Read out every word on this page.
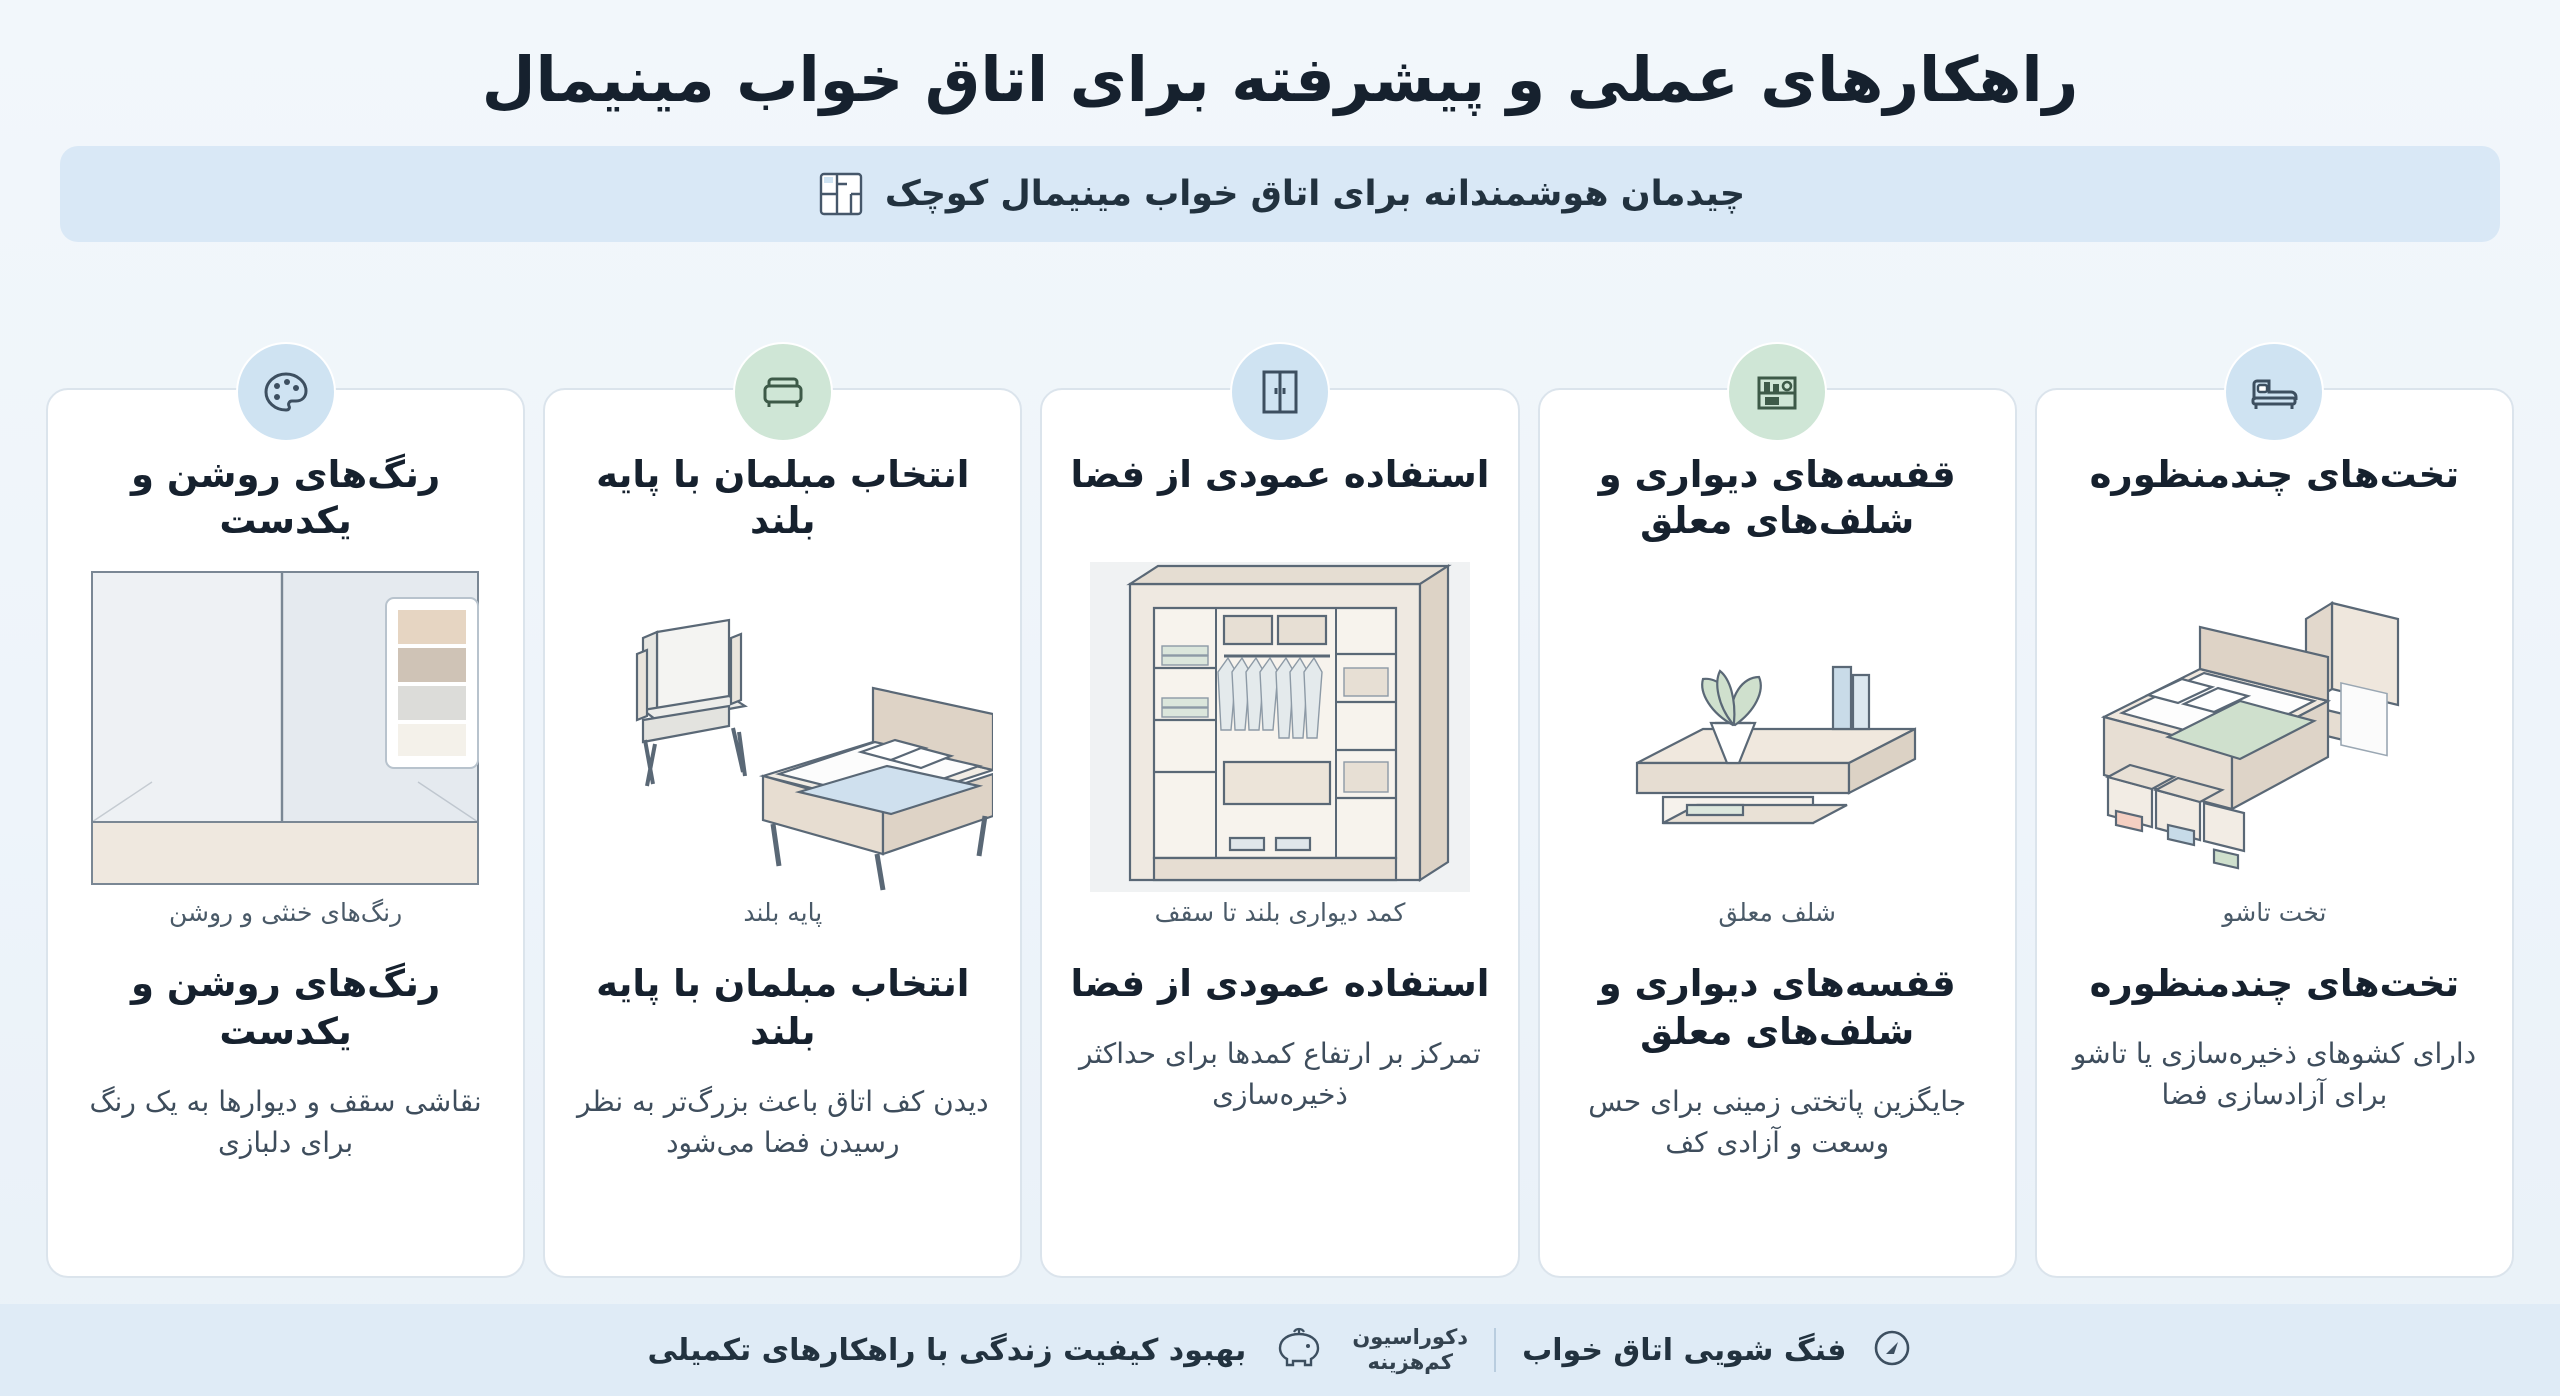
راهکارهای عملی و پیشرفته برای اتاق خواب مینیمال
چیدمان هوشمندانه برای اتاق خواب مینیمال کوچک
تخت‌های چندمنظوره
تخت تاشو
تخت‌های چندمنظوره
دارای کشوهای ذخیره‌سازی یا تاشو برای آزادسازی فضا
قفسه‌های دیواری و شلف‌های معلق
شلف معلق
قفسه‌های دیواری و شلف‌های معلق
جایگزین پاتختی زمینی برای حس وسعت و آزادی کف
استفاده عمودی از فضا
کمد دیواری بلند تا سقف
استفاده عمودی از فضا
تمرکز بر ارتفاع کمدها برای حداکثر ذخیره‌سازی
انتخاب مبلمان با پایه بلند
پایه بلند
انتخاب مبلمان با پایه بلند
دیدن کف اتاق باعث بزرگ‌تر به نظر رسیدن فضا می‌شود
رنگ‌های روشن و یکدست
رنگ‌های خنثی و روشن
رنگ‌های روشن و یکدست
نقاشی سقف و دیوارها به یک رنگ برای دلبازی
فنگ شویی اتاق خواب
دکوراسیون
کم‌هزینه
بهبود کیفیت زندگی با راهکارهای تکمیلی
